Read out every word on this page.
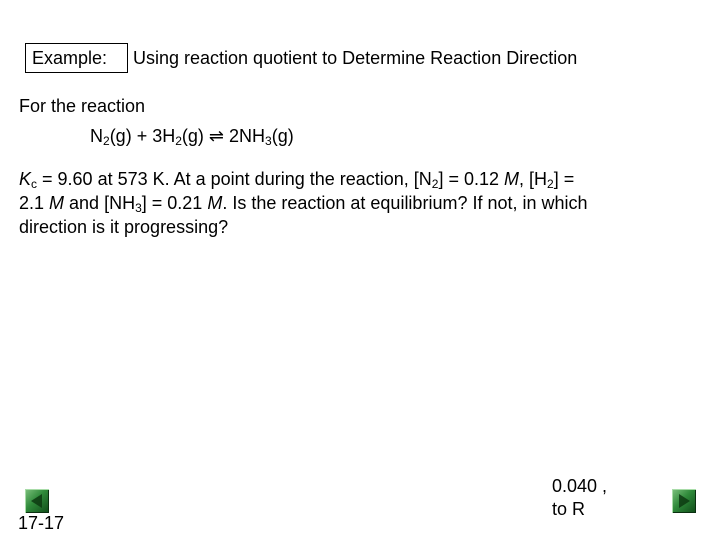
Example: Using reaction quotient to Determine Reaction Direction
For the reaction
$N_2(g) + 3H_2(g)$ ⇌ $2NH_3(g)$
$K_c = 9.60$ at 573 K. At a point during the reaction, $[N_2] = 0.12$ M, $[H_2]$ =
2.1 M and $[NH_3] = 0.21$ M. Is the reaction at equilibrium? If not, in which
direction is it progressing?
17-17
0.040 ,
to R
